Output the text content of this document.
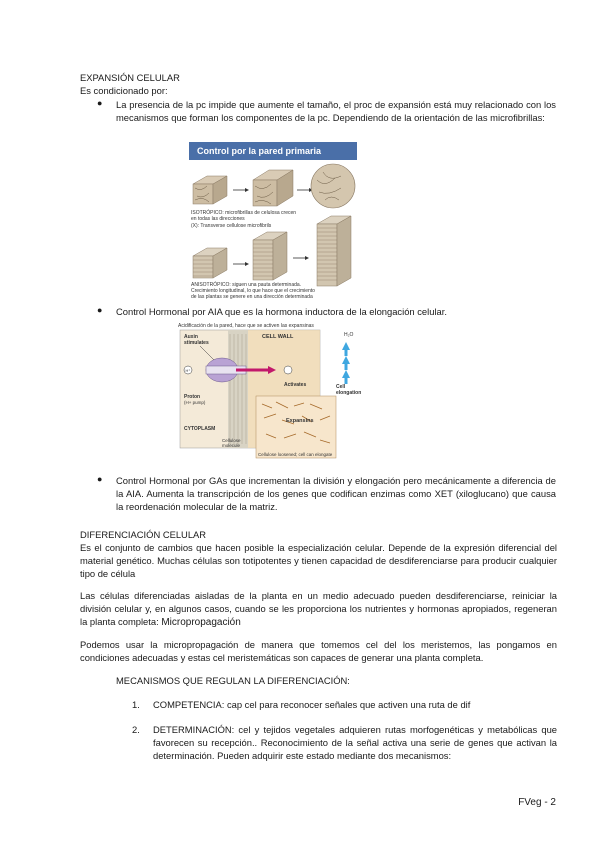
EXPANSIÓN CELULAR
Es condicionado por:
● La presencia de la pc impide que aumente el tamaño, el proc de expansión está muy relacionado con los mecanismos que forman los componentes de la pc. Dependiendo de la orientación de las microfibrillas:
Control por la pared primaria
ISOTRÓPICO: microfibrillas de celulosa crecen
en todas las direcciones
(X): Transverse cellulose microfibrils
ANISOTRÓPICO: siguen una pauta determinada.
Crecimiento longitudinal, lo que hace que el crecimiento
de las plantas se genere en una dirección determinada
● Control Hormonal por AIA que es la hormona inductora de la elongación celular.
Acidificación de la pared, hace que se activen las expansinas
CELL WALL
Auxin
stimulates
H⁺
Proton
(H+ pump)
CYTOPLASM
Activates
Expansins
Cellulose
molecule
Cellulose loosened; cell can elongate
H₂O
Cell
elongation
● Control Hormonal por GAs que incrementan la división y elongación pero mecánicamente a diferencia de la AIA. Aumenta la transcripción de los genes que codifican enzimas como XET (xiloglucano) que causa la reordenación molecular de la matriz.
DIFERENCIACIÓN CELULAR
Es el conjunto de cambios que hacen posible la especialización celular. Depende de la expresión diferencial del material genético. Muchas células son totipotentes y tienen capacidad de desdiferenciarse para producir cualquier tipo de célula
Las células diferenciadas aisladas de la planta en un medio adecuado pueden desdiferenciarse, reiniciar la división celular y, en algunos casos, cuando se les proporciona los nutrientes y hormonas apropiados, regeneran la planta completa: Micropropagación
Podemos usar la micropropagación de manera que tomemos cel del los meristemos, las pongamos en condiciones adecuadas y estas cel meristemáticas son capaces de generar una planta completa.
MECANISMOS QUE REGULAN LA DIFERENCIACIÓN:
1. COMPETENCIA: cap cel para reconocer señales que activen una ruta de dif
2. DETERMINACIÓN: cel y tejidos vegetales adquieren rutas morfogenéticas y metabólicas que favorecen su recepción.. Reconocimiento de la señal activa una serie de genes que activan la determinación. Pueden adquirir este estado mediante dos mecanismos:
FVeg - 2
